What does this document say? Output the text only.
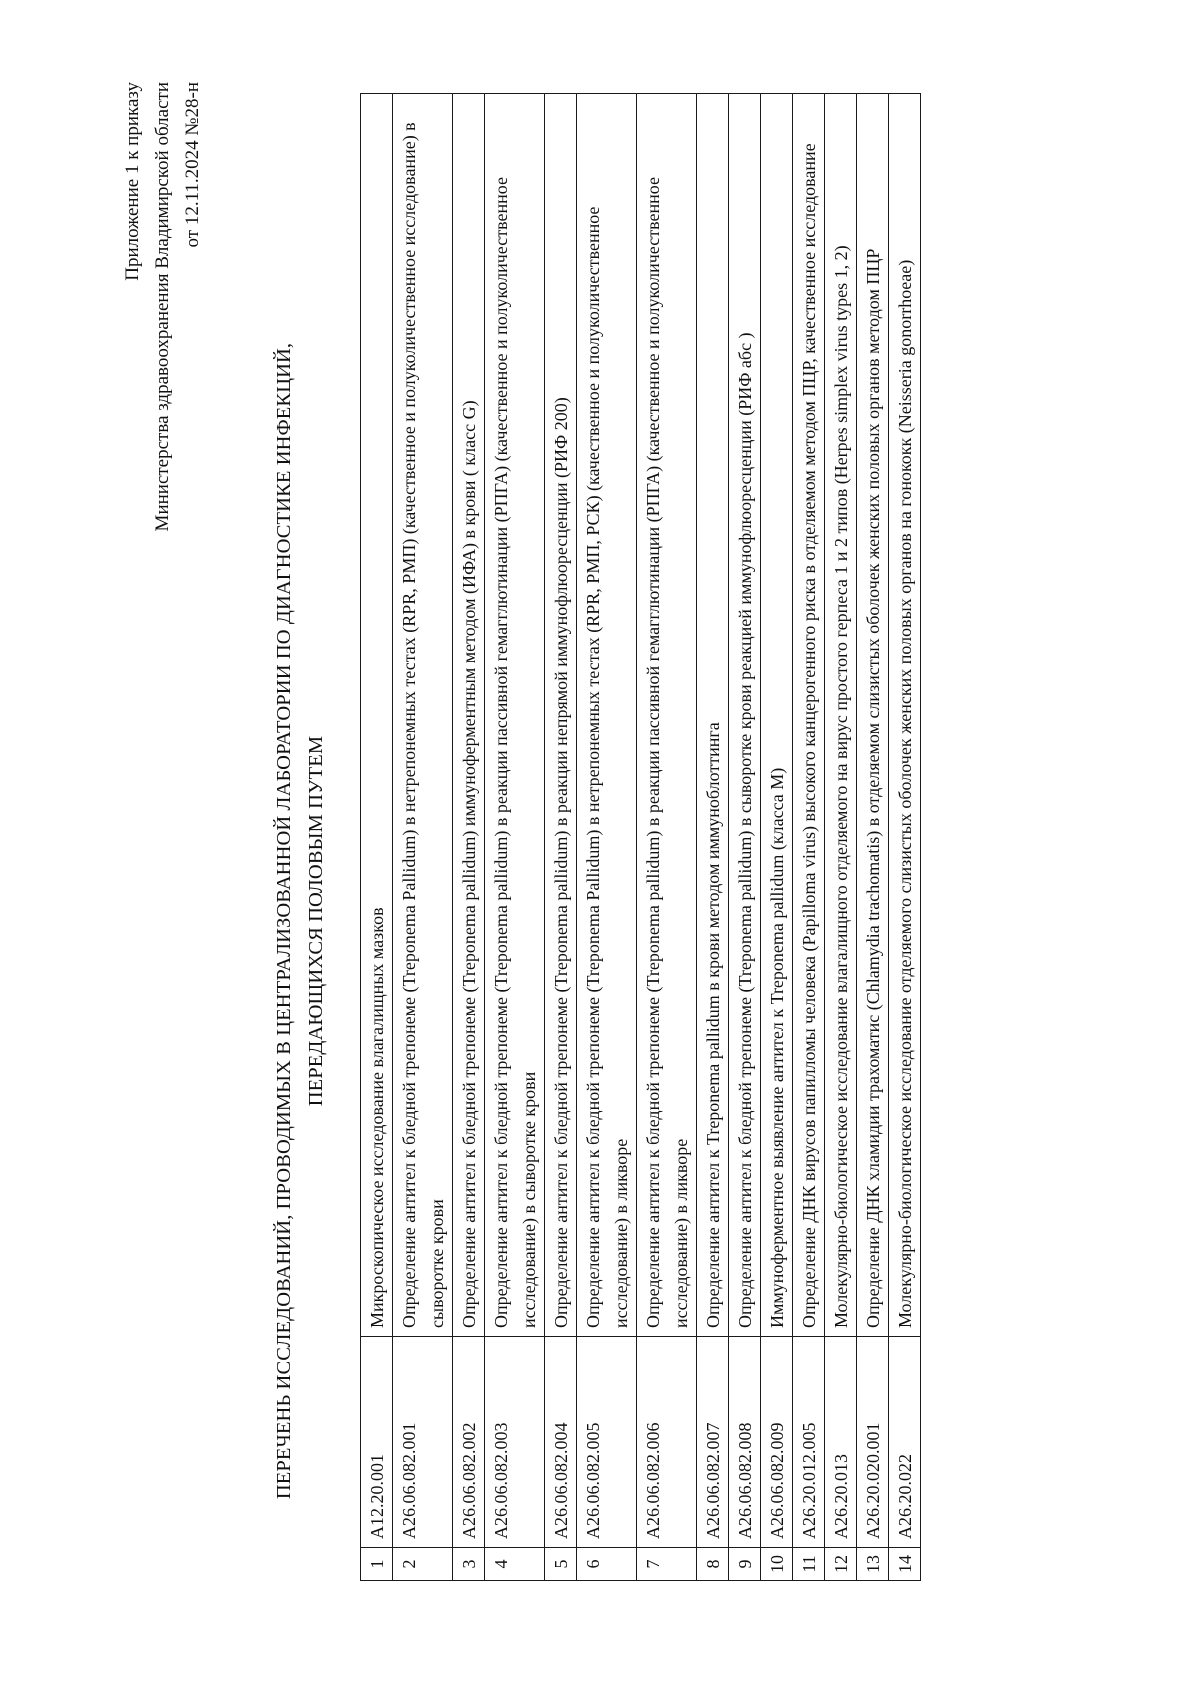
Приложение 1 к приказу Министерства здравоохранения Владимирской области от 12.11.2024 №28-н
ПЕРЕЧЕНЬ ИССЛЕДОВАНИЙ, ПРОВОДИМЫХ В ЦЕНТРАЛИЗОВАННОЙ ЛАБОРАТОРИИ ПО ДИАГНОСТИКЕ ИНФЕКЦИЙ, ПЕРЕДАЮЩИХСЯ ПОЛОВЫМ ПУТЕМ
1	A12.20.001	Микроскопическое исследование влагалищных мазков
2	A26.06.082.001	Определение антител к бледной трепонеме (Treponema Pallidum) в нетрепонемных тестах (RPR, РМП) (качественное и полуколичественное исследование) в сыворотке крови
3	A26.06.082.002	Определение антител к бледной трепонеме (Treponema pallidum) иммуноферментным методом (ИФА) в крови ( класс G)
4	A26.06.082.003	Определение антител к бледной трепонеме (Treponema pallidum) в реакции пассивной гемагглютинации (РПГА) (качественное и полуколичественное исследование) в сыворотке крови
5	A26.06.082.004	Определение антител к бледной трепонеме (Treponema pallidum) в реакции непрямой иммунофлюоресценции (РИФ 200)
6	A26.06.082.005	Определение антител к бледной трепонеме (Treponema Pallidum) в нетрепонемных тестах (RPR, РМП, РСК) (качественное и полуколичественное исследование) в ликворе
7	A26.06.082.006	Определение антител к бледной трепонеме (Treponema pallidum) в реакции пассивной гемагглютинации (РПГА) (качественное и полуколичественное исследование) в ликворе
8	A26.06.082.007	Определение антител к Treponema pallidum в крови методом иммуноблоттинга
9	A26.06.082.008	Определение антител к бледной трепонеме (Treponema pallidum) в сыворотке крови реакцией иммунофлюоресценции (РИФ абс )
10	A26.06.082.009	Иммуноферментное выявление антител к Treponema pallidum (класса M)
11	A26.20.012.005	Определение ДНК вирусов папилломы человека (Papilloma virus) высокого канцерогенного риска в отделяемом методом ПЦР, качественное исследование
12	A26.20.013	Молекулярно-биологическое исследование влагалищного отделяемого на вирус простого герпеса 1 и 2 типов (Herpes simplex virus types 1, 2)
13	A26.20.020.001	Определение ДНК хламидии трахоматис (Chlamydia trachomatis) в отделяемом слизистых оболочек женских половых органов методом ПЦР
14	A26.20.022	Молекулярно-биологическое исследование отделяемого слизистых оболочек женских половых органов на гонококк (Neisseria gonorrhoeae)
